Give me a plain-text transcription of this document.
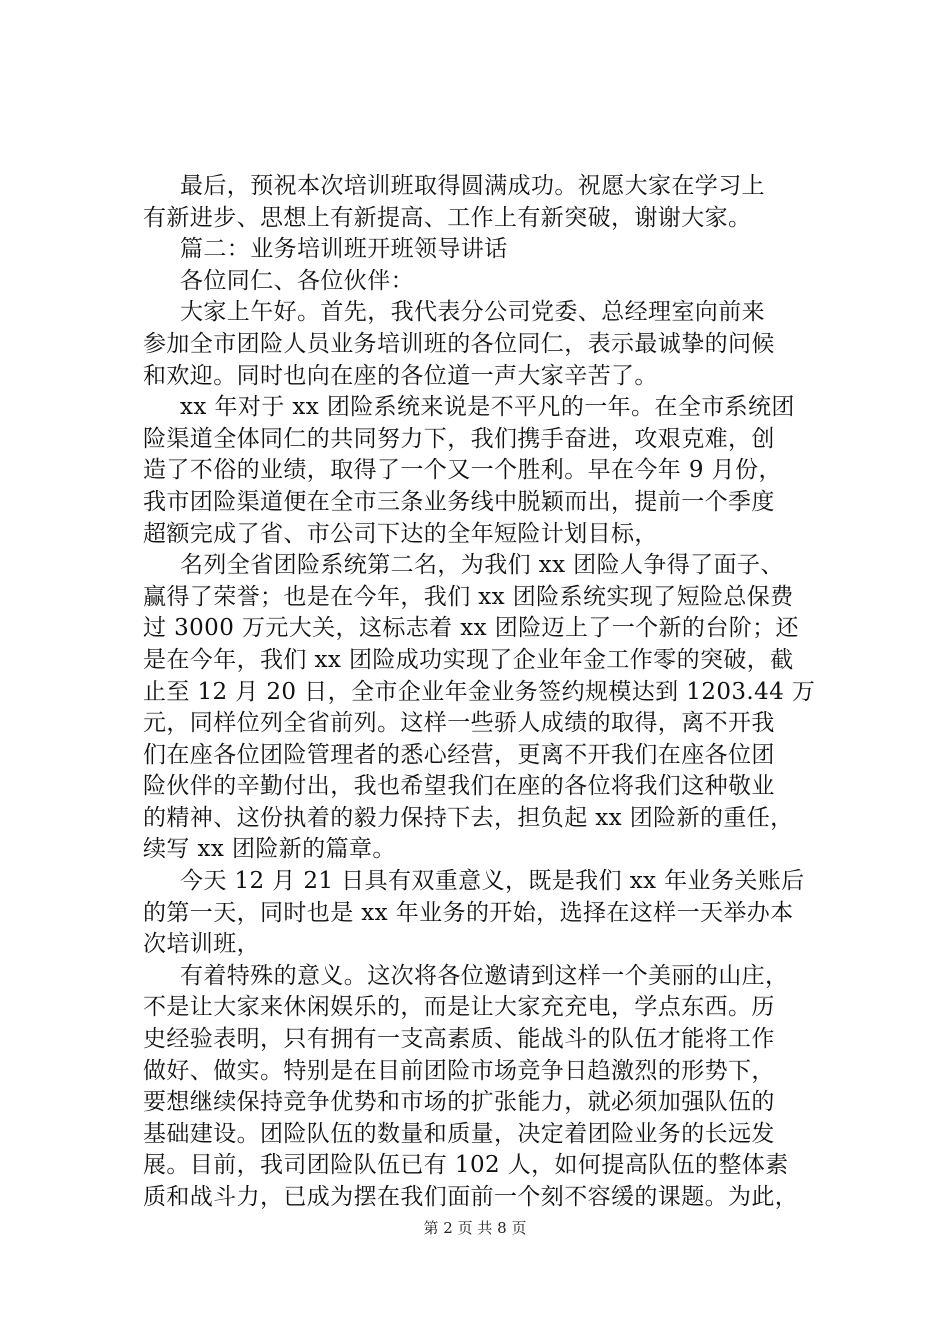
最后，预祝本次培训班取得圆满成功。祝愿大家在学习上
有新进步、思想上有新提高、工作上有新突破，谢谢大家。
篇二：业务培训班开班领导讲话
各位同仁、各位伙伴：
大家上午好。首先，我代表分公司党委、总经理室向前来
参加全市团险人员业务培训班的各位同仁，表示最诚挚的问候
和欢迎。同时也向在座的各位道一声大家辛苦了。
xx 年对于 xx 团险系统来说是不平凡的一年。在全市系统团
险渠道全体同仁的共同努力下，我们携手奋进，攻艰克难，创
造了不俗的业绩，取得了一个又一个胜利。早在今年 9 月份，
我市团险渠道便在全市三条业务线中脱颖而出，提前一个季度
超额完成了省、市公司下达的全年短险计划目标，
名列全省团险系统第二名，为我们 xx 团险人争得了面子、
赢得了荣誉；也是在今年，我们 xx 团险系统实现了短险总保费
过 3000 万元大关，这标志着 xx 团险迈上了一个新的台阶；还
是在今年，我们 xx 团险成功实现了企业年金工作零的突破，截
止至 12 月 20 日，全市企业年金业务签约规模达到 1203.44 万
元，同样位列全省前列。这样一些骄人成绩的取得，离不开我
们在座各位团险管理者的悉心经营，更离不开我们在座各位团
险伙伴的辛勤付出，我也希望我们在座的各位将我们这种敬业
的精神、这份执着的毅力保持下去，担负起 xx 团险新的重任，
续写 xx 团险新的篇章。
今天 12 月 21 日具有双重意义，既是我们 xx 年业务关账后
的第一天，同时也是 xx 年业务的开始，选择在这样一天举办本
次培训班，
有着特殊的意义。这次将各位邀请到这样一个美丽的山庄，
不是让大家来休闲娱乐的，而是让大家充充电，学点东西。历
史经验表明，只有拥有一支高素质、能战斗的队伍才能将工作
做好、做实。特别是在目前团险市场竞争日趋激烈的形势下，
要想继续保持竞争优势和市场的扩张能力，就必须加强队伍的
基础建设。团险队伍的数量和质量，决定着团险业务的长远发
展。目前，我司团险队伍已有 102 人，如何提高队伍的整体素
质和战斗力，已成为摆在我们面前一个刻不容缓的课题。为此，
第 2 页 共 8 页
